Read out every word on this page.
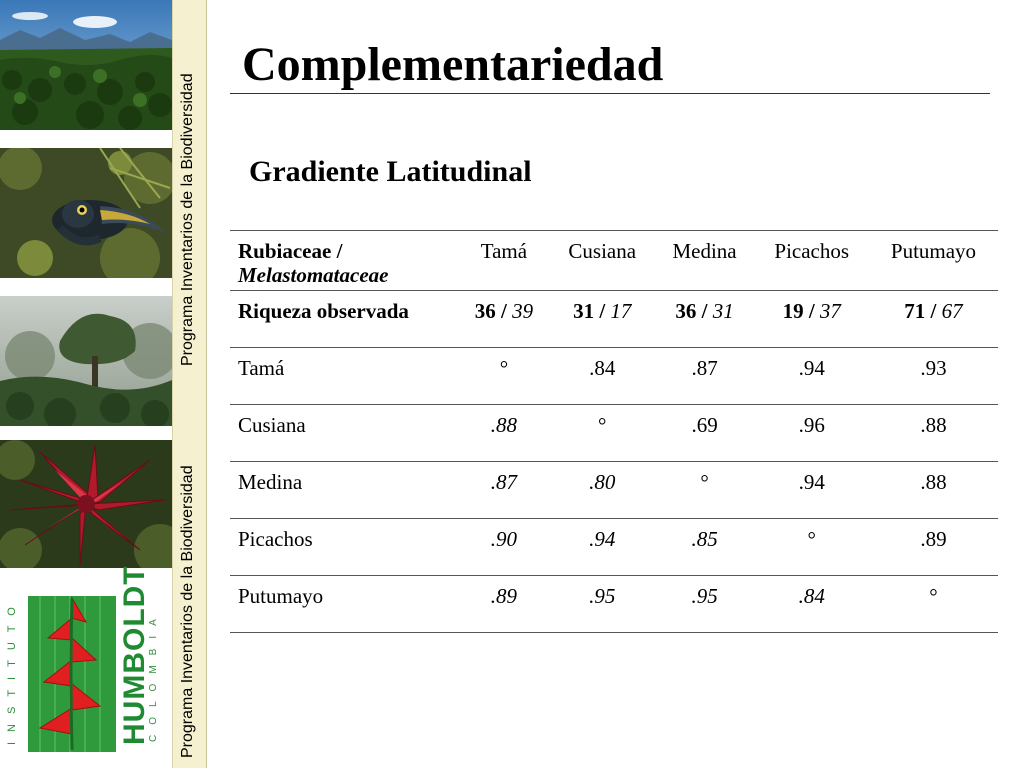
INSTITUTO	HUMBOLDT
COLOMBIA
Programa Inventarios de la Biodiversidad
Programa Inventarios de la Biodiversidad
Complementariedad
Gradiente Latitudinal
Rubiaceae /
Melastomataceae	Tamá	Cusiana	Medina	Picachos	Putumayo
Riqueza observada	36 / 39	31 / 17	36 / 31	19 / 37	71 / 67
Tamá	°	.84	.87	.94	.93
Cusiana	.88	°	.69	.96	.88
Medina	.87	.80	°	.94	.88
Picachos	.90	.94	.85	°	.89
Putumayo	.89	.95	.95	.84	°
